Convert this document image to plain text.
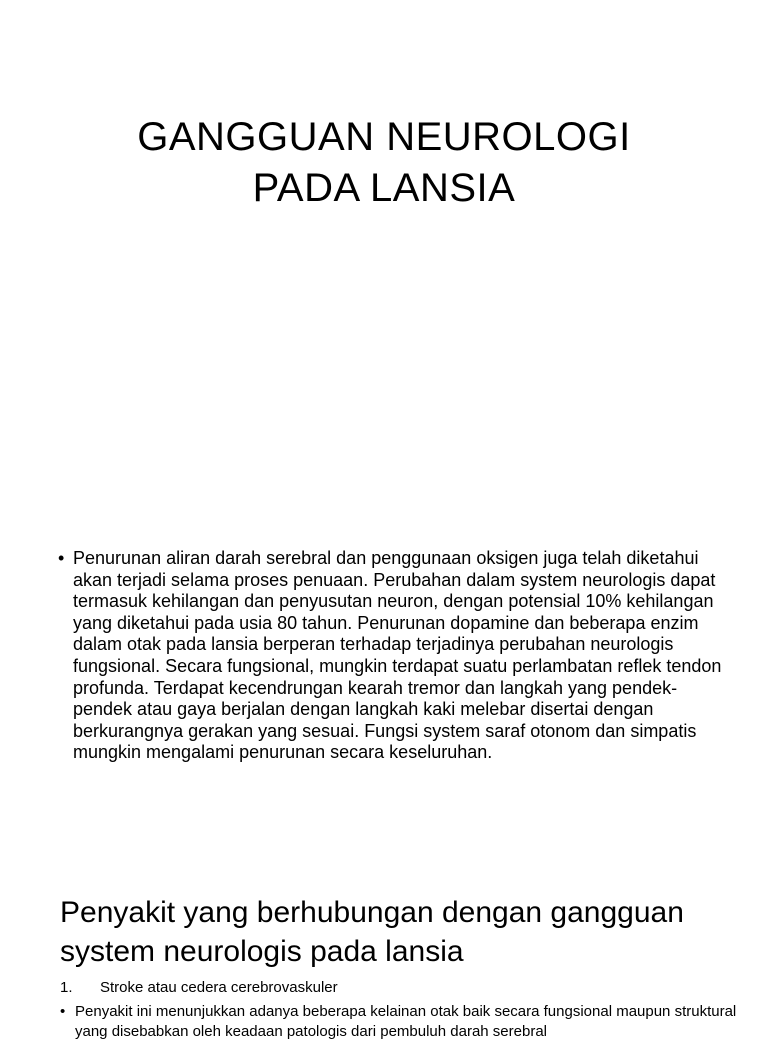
GANGGUAN NEUROLOGI
PADA LANSIA
• Penurunan aliran darah serebral dan penggunaan oksigen juga telah diketahui akan terjadi selama proses penuaan. Perubahan dalam system neurologis dapat termasuk kehilangan dan penyusutan neuron, dengan potensial 10% kehilangan yang diketahui pada usia 80 tahun. Penurunan dopamine dan beberapa enzim dalam otak pada lansia berperan terhadap terjadinya perubahan neurologis fungsional. Secara fungsional, mungkin terdapat suatu perlambatan reflek tendon profunda. Terdapat kecendrungan kearah tremor dan langkah yang pendek-pendek atau gaya berjalan dengan langkah kaki melebar disertai dengan berkurangnya gerakan yang sesuai. Fungsi system saraf otonom dan simpatis mungkin mengalami penurunan secara keseluruhan.
Penyakit yang berhubungan dengan gangguan
system neurologis pada lansia
1. Stroke atau cedera cerebrovaskuler
• Penyakit ini menunjukkan adanya beberapa kelainan otak baik secara fungsional maupun struktural yang disebabkan oleh keadaan patologis dari pembuluh darah serebral
